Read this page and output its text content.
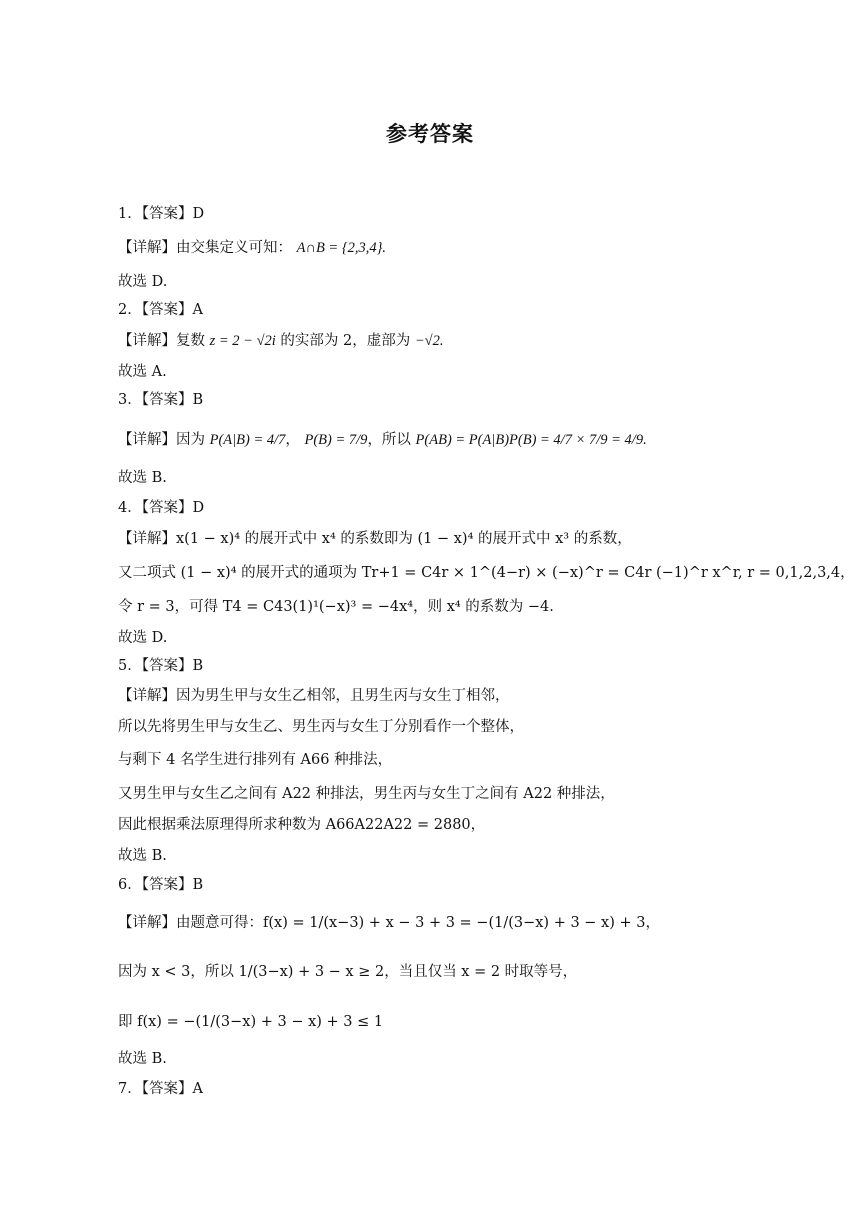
参考答案
1．【答案】D
【详解】由交集定义可知： A∩B = {2,3,4}.
故选 D.
2．【答案】A
【详解】复数 z = 2 − √2i 的实部为 2，虚部为 −√2.
故选 A.
3．【答案】B
【详解】因为 P(A|B) = 4/7， P(B) = 7/9，所以 P(AB) = P(A|B)P(B) = 4/7 × 7/9 = 4/9.
故选 B.
4．【答案】D
【详解】x(1 − x)⁴ 的展开式中 x⁴ 的系数即为 (1 − x)⁴ 的展开式中 x³ 的系数，
又二项式 (1 − x)⁴ 的展开式的通项为 Tr+1 = C4r × 1^(4−r) × (−x)^r = C4r (−1)^r x^r, r = 0,1,2,3,4，
令 r = 3，可得 T4 = C43(1)¹(−x)³ = −4x⁴，则 x⁴ 的系数为 −4.
故选 D.
5．【答案】B
【详解】因为男生甲与女生乙相邻，且男生丙与女生丁相邻，
所以先将男生甲与女生乙、男生丙与女生丁分别看作一个整体，
与剩下 4 名学生进行排列有 A66 种排法，
又男生甲与女生乙之间有 A22 种排法，男生丙与女生丁之间有 A22 种排法，
因此根据乘法原理得所求种数为 A66A22A22 = 2880，
故选 B.
6．【答案】B
【详解】由题意可得：f(x) = 1/(x−3) + x − 3 + 3 = −(1/(3−x) + 3 − x) + 3，
因为 x < 3，所以 1/(3−x) + 3 − x ≥ 2，当且仅当 x = 2 时取等号，
即 f(x) = −(1/(3−x) + 3 − x) + 3 ≤ 1
故选 B.
7．【答案】A
